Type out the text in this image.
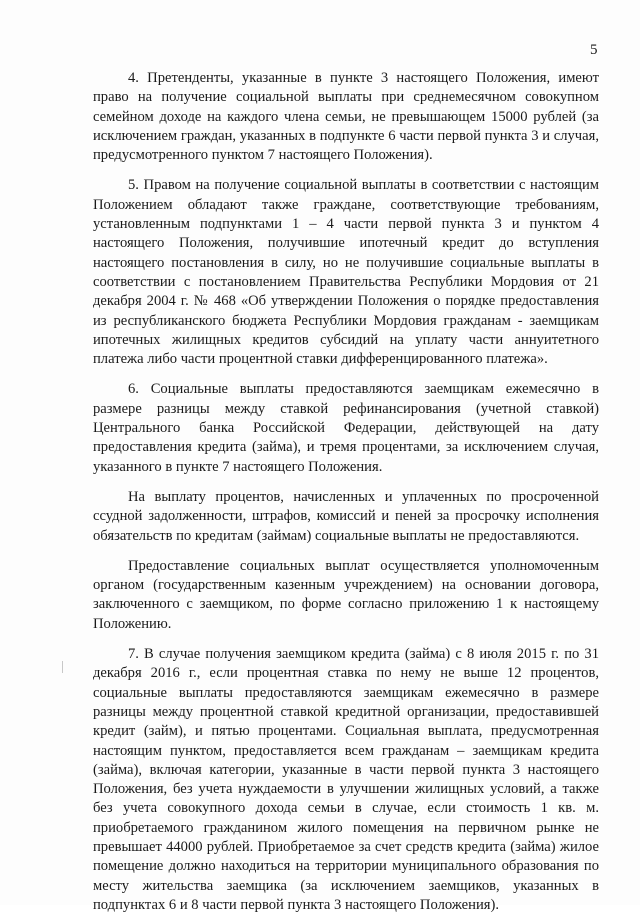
5

4. Претенденты, указанные в пункте 3 настоящего Положения, имеют право на получение социальной выплаты при среднемесячном совокупном семейном доходе на каждого члена семьи, не превышающем 15000 рублей (за исключением граждан, указанных в подпункте 6 части первой пункта 3 и случая, предусмотренного пунктом 7 настоящего Положения).

5. Правом на получение социальной выплаты в соответствии с настоящим Положением обладают также граждане, соответствующие требованиям, установленным подпунктами 1 – 4 части первой пункта 3 и пунктом 4 настоящего Положения, получившие ипотечный кредит до вступления настоящего постановления в силу, но не получившие социальные выплаты в соответствии с постановлением Правительства Республики Мордовия от 21 декабря 2004 г. № 468 «Об утверждении Положения о порядке предоставления из республиканского бюджета Республики Мордовия гражданам - заемщикам ипотечных жилищных кредитов субсидий на уплату части аннуитетного платежа либо части процентной ставки дифференцированного платежа».

6. Социальные выплаты предоставляются заемщикам ежемесячно в размере разницы между ставкой рефинансирования (учетной ставкой) Центрального банка Российской Федерации, действующей на дату предоставления кредита (займа), и тремя процентами, за исключением случая, указанного в пункте 7 настоящего Положения.

На выплату процентов, начисленных и уплаченных по просроченной ссудной задолженности, штрафов, комиссий и пеней за просрочку исполнения обязательств по кредитам (займам) социальные выплаты не предоставляются.

Предоставление социальных выплат осуществляется уполномоченным органом (государственным казенным учреждением) на основании договора, заключенного с заемщиком, по форме согласно приложению 1 к настоящему Положению.

7. В случае получения заемщиком кредита (займа) с 8 июля 2015 г. по 31 декабря 2016 г., если процентная ставка по нему не выше 12 процентов, социальные выплаты предоставляются заемщикам ежемесячно в размере разницы между процентной ставкой кредитной организации, предоставившей кредит (займ), и пятью процентами. Социальная выплата, предусмотренная настоящим пунктом, предоставляется всем гражданам – заемщикам кредита (займа), включая категории, указанные в части первой пункта 3 настоящего Положения, без учета нуждаемости в улучшении жилищных условий, а также без учета совокупного дохода семьи в случае, если стоимость 1 кв. м. приобретаемого гражданином жилого помещения на первичном рынке не превышает 44000 рублей. Приобретаемое за счет средств кредита (займа) жилое помещение должно находиться на территории муниципального образования по месту жительства заемщика (за исключением заемщиков, указанных в подпунктах 6 и 8 части первой пункта 3 настоящего Положения).
